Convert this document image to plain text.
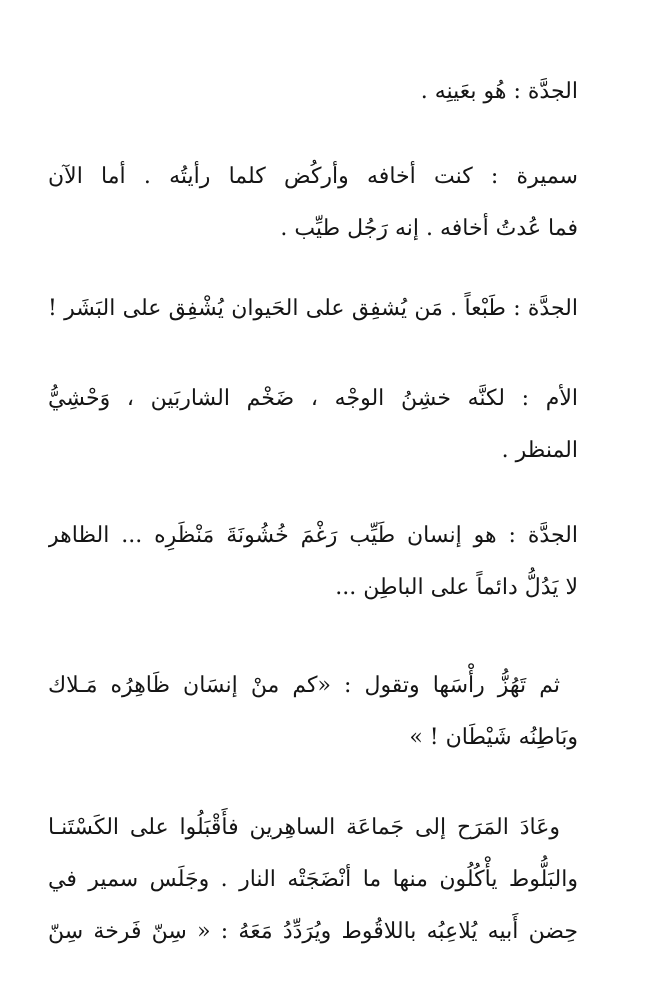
الجدَّة : هُو بعَينِه .

سميرة : كنت أخافه وأركُض كلما رأيتُه . أما الآن
فما عُدتُ أخافه . إنه رَجُل طيِّب .

الجدَّة : طَبْعاً . مَن يُشفِق على الحَيوان يُشْفِق على البَشَر !

الأم : لكنَّه خشِنُ الوجْه ، ضَخْم الشاربَين ، وَحْشِيُّ
المنظر .

الجدَّة : هو إنسان طَيِّب رَغْمَ خُشُونَةَ مَنْظَرِه ... الظاهر
لا يَدُلُّ دائماً على الباطِن ...

ثم تَهُزُّ رأْسَها وتقول : «كم منْ إنسَان ظَاهِرُه مَـلاك
وبَاطِنُه شَيْطَان ! »

وعَادَ المَرَح إلى جَماعَة الساهِرين فأَقْبَلُوا على الكَسْتَنـا
والبَلُّوط يأْكُلُون منها ما أنْضَجَتْه النار . وجَلَس سمير في
حِضن أَبيه يُلاعِبُه باللاقُوط ويُرَدِّدُ مَعَهُ : « سِنّ فَرخة سِنّ
